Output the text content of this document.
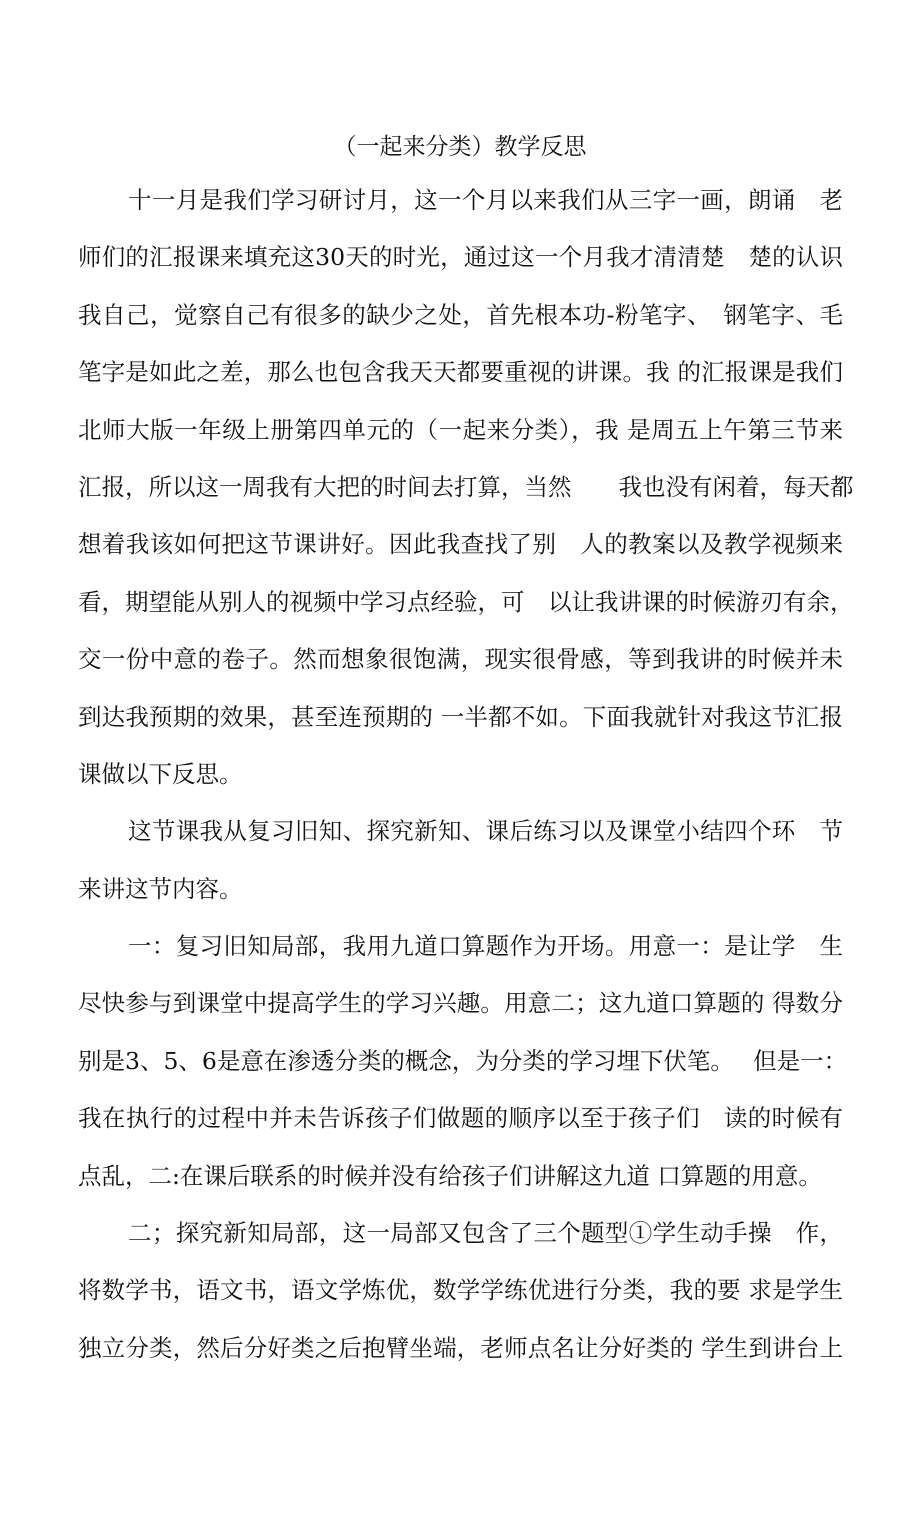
（一起来分类）教学反思
十一月是我们学习研讨月，这一个月以来我们从三字一画，朗诵　老
师们的汇报课来填充这30天的时光，通过这一个月我才清清楚　楚的认识
我自己，觉察自己有很多的缺少之处，首先根本功-粉笔字、　钢笔字、毛
笔字是如此之差，那么也包含我天天都要重视的讲课。我 的汇报课是我们
北师大版一年级上册第四单元的（一起来分类），我 是周五上午第三节来
汇报，所以这一周我有大把的时间去打算，当然　　我也没有闲着，每天都
想着我该如何把这节课讲好。因此我查找了别　人的教案以及教学视频来
看，期望能从别人的视频中学习点经验，可　以让我讲课的时候游刃有余，
交一份中意的卷子。然而想象很饱满，现实很骨感，等到我讲的时候并未
到达我预期的效果，甚至连预期的 一半都不如。下面我就针对我这节汇报
课做以下反思。
这节课我从复习旧知、探究新知、课后练习以及课堂小结四个环　节
来讲这节内容。
一：复习旧知局部，我用九道口算题作为开场。用意一：是让学　生
尽快参与到课堂中提高学生的学习兴趣。用意二；这九道口算题的 得数分
别是3、5、6是意在渗透分类的概念，为分类的学习埋下伏笔。　 但是一：
我在执行的过程中并未告诉孩子们做题的顺序以至于孩子们　读的时候有
点乱，二:在课后联系的时候并没有给孩子们讲解这九道 口算题的用意。
二；探究新知局部，这一局部又包含了三个题型①学生动手操　作，
将数学书，语文书，语文学炼优，数学学练优进行分类，我的要 求是学生
独立分类，然后分好类之后抱臂坐端，老师点名让分好类的 学生到讲台上
